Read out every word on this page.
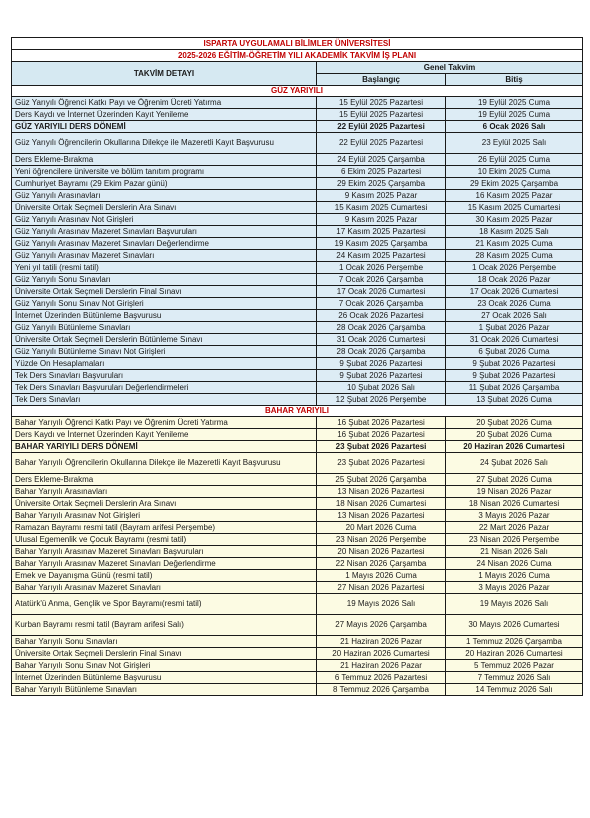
ISPARTA UYGULAMALI BİLİMLER ÜNİVERSİTESİ		
2025-2026 EĞİTİM-ÖĞRETİM YILI AKADEMİK TAKVİM İŞ PLANI		
TAKVİM DETAYI	Genel Takvim	
	Başlangıç	Bitiş
GÜZ YARIYILI		
Güz Yarıyılı Öğrenci Katkı Payı ve Öğrenim Ücreti Yatırma	15 Eylül 2025 Pazartesi	19 Eylül 2025 Cuma
Ders Kaydı ve İnternet Üzerinden Kayıt Yenileme	15 Eylül 2025 Pazartesi	19 Eylül 2025 Cuma
GÜZ YARIYILI DERS DÖNEMİ	22 Eylül 2025 Pazartesi	6 Ocak 2026 Salı
Güz Yarıyılı Öğrencilerin Okullarına Dilekçe ile Mazeretli Kayıt Başvurusu	22 Eylül 2025 Pazartesi	23 Eylül 2025 Salı
Ders Ekleme-Bırakma	24 Eylül 2025 Çarşamba	26 Eylül 2025 Cuma
Yeni öğrencilere üniversite ve bölüm tanıtım programı	6 Ekim 2025 Pazartesi	10 Ekim 2025 Cuma
Cumhuriyet Bayramı (29 Ekim Pazar günü)	29 Ekim 2025 Çarşamba	29 Ekim 2025 Çarşamba
Güz Yarıyılı Arasınavları	9 Kasım 2025 Pazar	16 Kasım 2025 Pazar
Üniversite Ortak Seçmeli Derslerin Ara Sınavı	15 Kasım 2025 Cumartesi	15 Kasım 2025 Cumartesi
Güz Yarıyılı Arasınav Not Girişleri	9 Kasım 2025 Pazar	30 Kasım 2025 Pazar
Güz Yarıyılı Arasınav Mazeret Sınavları Başvuruları	17 Kasım 2025 Pazartesi	18 Kasım 2025 Salı
Güz Yarıyılı Arasınav Mazeret Sınavları Değerlendirme	19 Kasım 2025 Çarşamba	21 Kasım 2025 Cuma
Güz Yarıyılı Arasınav Mazeret Sınavları	24 Kasım 2025 Pazartesi	28 Kasım 2025 Cuma
Yeni yıl tatili (resmi tatil)	1 Ocak 2026 Perşembe	1 Ocak 2026 Perşembe
Güz Yarıyılı Sonu Sınavları	7 Ocak 2026 Çarşamba	18 Ocak 2026 Pazar
Üniversite Ortak Seçmeli Derslerin Final Sınavı	17 Ocak 2026 Cumartesi	17 Ocak 2026 Cumartesi
Güz Yarıyılı Sonu Sınav Not Girişleri	7 Ocak 2026 Çarşamba	23 Ocak 2026 Cuma
İnternet Üzerinden Bütünleme Başvurusu	26 Ocak 2026 Pazartesi	27 Ocak 2026 Salı
Güz Yarıyılı Bütünleme Sınavları	28 Ocak 2026 Çarşamba	1 Şubat 2026 Pazar
Üniversite Ortak Seçmeli Derslerin Bütünleme Sınavı	31 Ocak 2026 Cumartesi	31 Ocak 2026 Cumartesi
Güz Yarıyılı Bütünleme Sınavı Not Girişleri	28 Ocak 2026 Çarşamba	6 Şubat 2026 Cuma
Yüzde On Hesaplamaları	9 Şubat 2026 Pazartesi	9 Şubat 2026 Pazartesi
Tek Ders Sınavları Başvuruları	9 Şubat 2026 Pazartesi	9 Şubat 2026 Pazartesi
Tek Ders Sınavları Başvuruları Değerlendirmeleri	10 Şubat 2026 Salı	11 Şubat 2026 Çarşamba
Tek Ders Sınavları	12 Şubat 2026 Perşembe	13 Şubat 2026 Cuma
BAHAR YARIYILI		
Bahar Yarıyılı Öğrenci Katkı Payı ve Öğrenim Ücreti Yatırma	16 Şubat 2026 Pazartesi	20 Şubat 2026 Cuma
Ders Kaydı ve İnternet Üzerinden Kayıt Yenileme	16 Şubat 2026 Pazartesi	20 Şubat 2026 Cuma
BAHAR YARIYILI DERS DÖNEMİ	23 Şubat 2026 Pazartesi	20 Haziran 2026 Cumartesi
Bahar Yarıyılı Öğrencilerin Okullarına Dilekçe ile Mazeretli Kayıt Başvurusu	23 Şubat 2026 Pazartesi	24 Şubat 2026 Salı
Ders Ekleme-Bırakma	25 Şubat 2026 Çarşamba	27 Şubat 2026 Cuma
Bahar Yarıyılı Arasınavları	13 Nisan 2026 Pazartesi	19 Nisan 2026 Pazar
Üniversite Ortak Seçmeli Derslerin Ara Sınavı	18 Nisan 2026 Cumartesi	18 Nisan 2026 Cumartesi
Bahar Yarıyılı Arasınav Not Girişleri	13 Nisan 2026 Pazartesi	3 Mayıs 2026 Pazar
Ramazan Bayramı resmi tatil (Bayram arifesi Perşembe)	20 Mart 2026 Cuma	22 Mart 2026 Pazar
Ulusal Egemenlik ve Çocuk Bayramı (resmi tatil)	23 Nisan 2026 Perşembe	23 Nisan 2026 Perşembe
Bahar Yarıyılı Arasınav Mazeret Sınavları Başvuruları	20 Nisan 2026 Pazartesi	21 Nisan 2026 Salı
Bahar Yarıyılı Arasınav Mazeret Sınavları Değerlendirme	22 Nisan 2026 Çarşamba	24 Nisan 2026 Cuma
Emek ve Dayanışma Günü (resmi tatil)	1 Mayıs 2026 Cuma	1 Mayıs 2026 Cuma
Bahar Yarıyılı Arasınav Mazeret Sınavları	27 Nisan 2026 Pazartesi	3 Mayıs 2026 Pazar
Atatürk'ü Anma, Gençlik ve Spor Bayramı(resmi tatil)	19 Mayıs 2026 Salı	19 Mayıs 2026 Salı
Kurban Bayramı resmi tatil (Bayram arifesi Salı)	27 Mayıs 2026 Çarşamba	30 Mayıs 2026 Cumartesi
Bahar Yarıyılı Sonu Sınavları	21 Haziran 2026 Pazar	1 Temmuz 2026 Çarşamba
Üniversite Ortak Seçmeli Derslerin Final Sınavı	20 Haziran 2026 Cumartesi	20 Haziran 2026 Cumartesi
Bahar Yarıyılı Sonu Sınav Not Girişleri	21 Haziran 2026 Pazar	5 Temmuz 2026 Pazar
İnternet Üzerinden Bütünleme Başvurusu	6 Temmuz 2026 Pazartesi	7 Temmuz 2026 Salı
Bahar Yarıyılı Bütünleme Sınavları	8 Temmuz 2026 Çarşamba	14 Temmuz 2026 Salı
